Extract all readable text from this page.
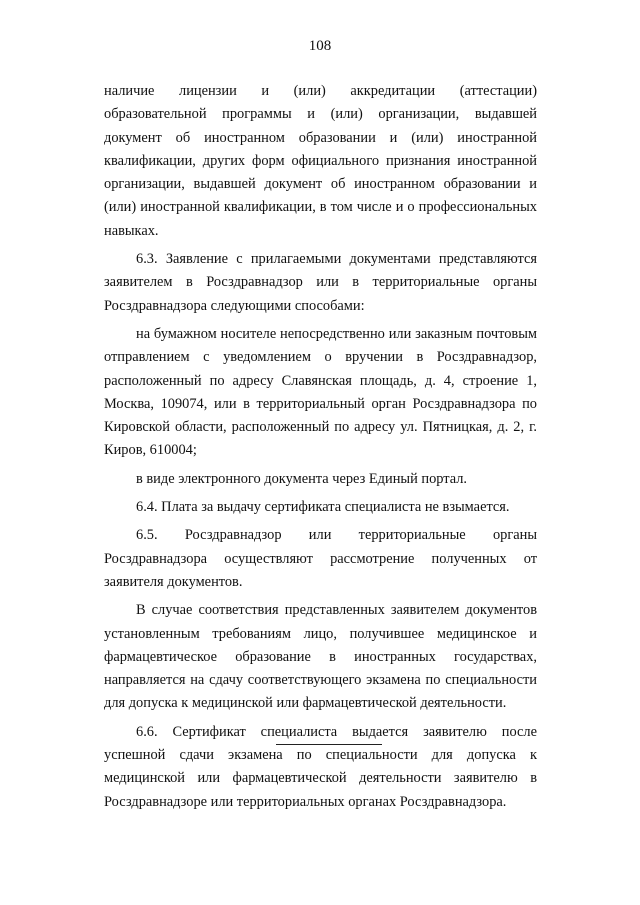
108

наличие лицензии и (или) аккредитации (аттестации) образовательной программы и (или) организации, выдавшей документ об иностранном образовании и (или) иностранной квалификации, других форм официального признания иностранной организации, выдавшей документ об иностранном образовании и (или) иностранной квалификации, в том числе и о профессиональных навыках.

6.3. Заявление с прилагаемыми документами представляются заявителем в Росздравнадзор или в территориальные органы Росздравнадзора следующими способами:

на бумажном носителе непосредственно или заказным почтовым отправлением с уведомлением о вручении в Росздравнадзор, расположенный по адресу Славянская площадь, д. 4, строение 1, Москва, 109074, или в территориальный орган Росздравнадзора по Кировской области, расположенный по адресу ул. Пятницкая, д. 2, г. Киров, 610004;

в виде электронного документа через Единый портал.

6.4. Плата за выдачу сертификата специалиста не взымается.

6.5. Росздравнадзор или территориальные органы Росздравнадзора осуществляют рассмотрение полученных от заявителя документов.

В случае соответствия представленных заявителем документов установленным требованиям лицо, получившее медицинское и фармацевтическое образование в иностранных государствах, направляется на сдачу соответствующего экзамена по специальности для допуска к медицинской или фармацевтической деятельности.

6.6. Сертификат специалиста выдается заявителю после успешной сдачи экзамена по специальности для допуска к медицинской или фармацевтической деятельности заявителю в Росздравнадзоре или территориальных органах Росздравнадзора.
